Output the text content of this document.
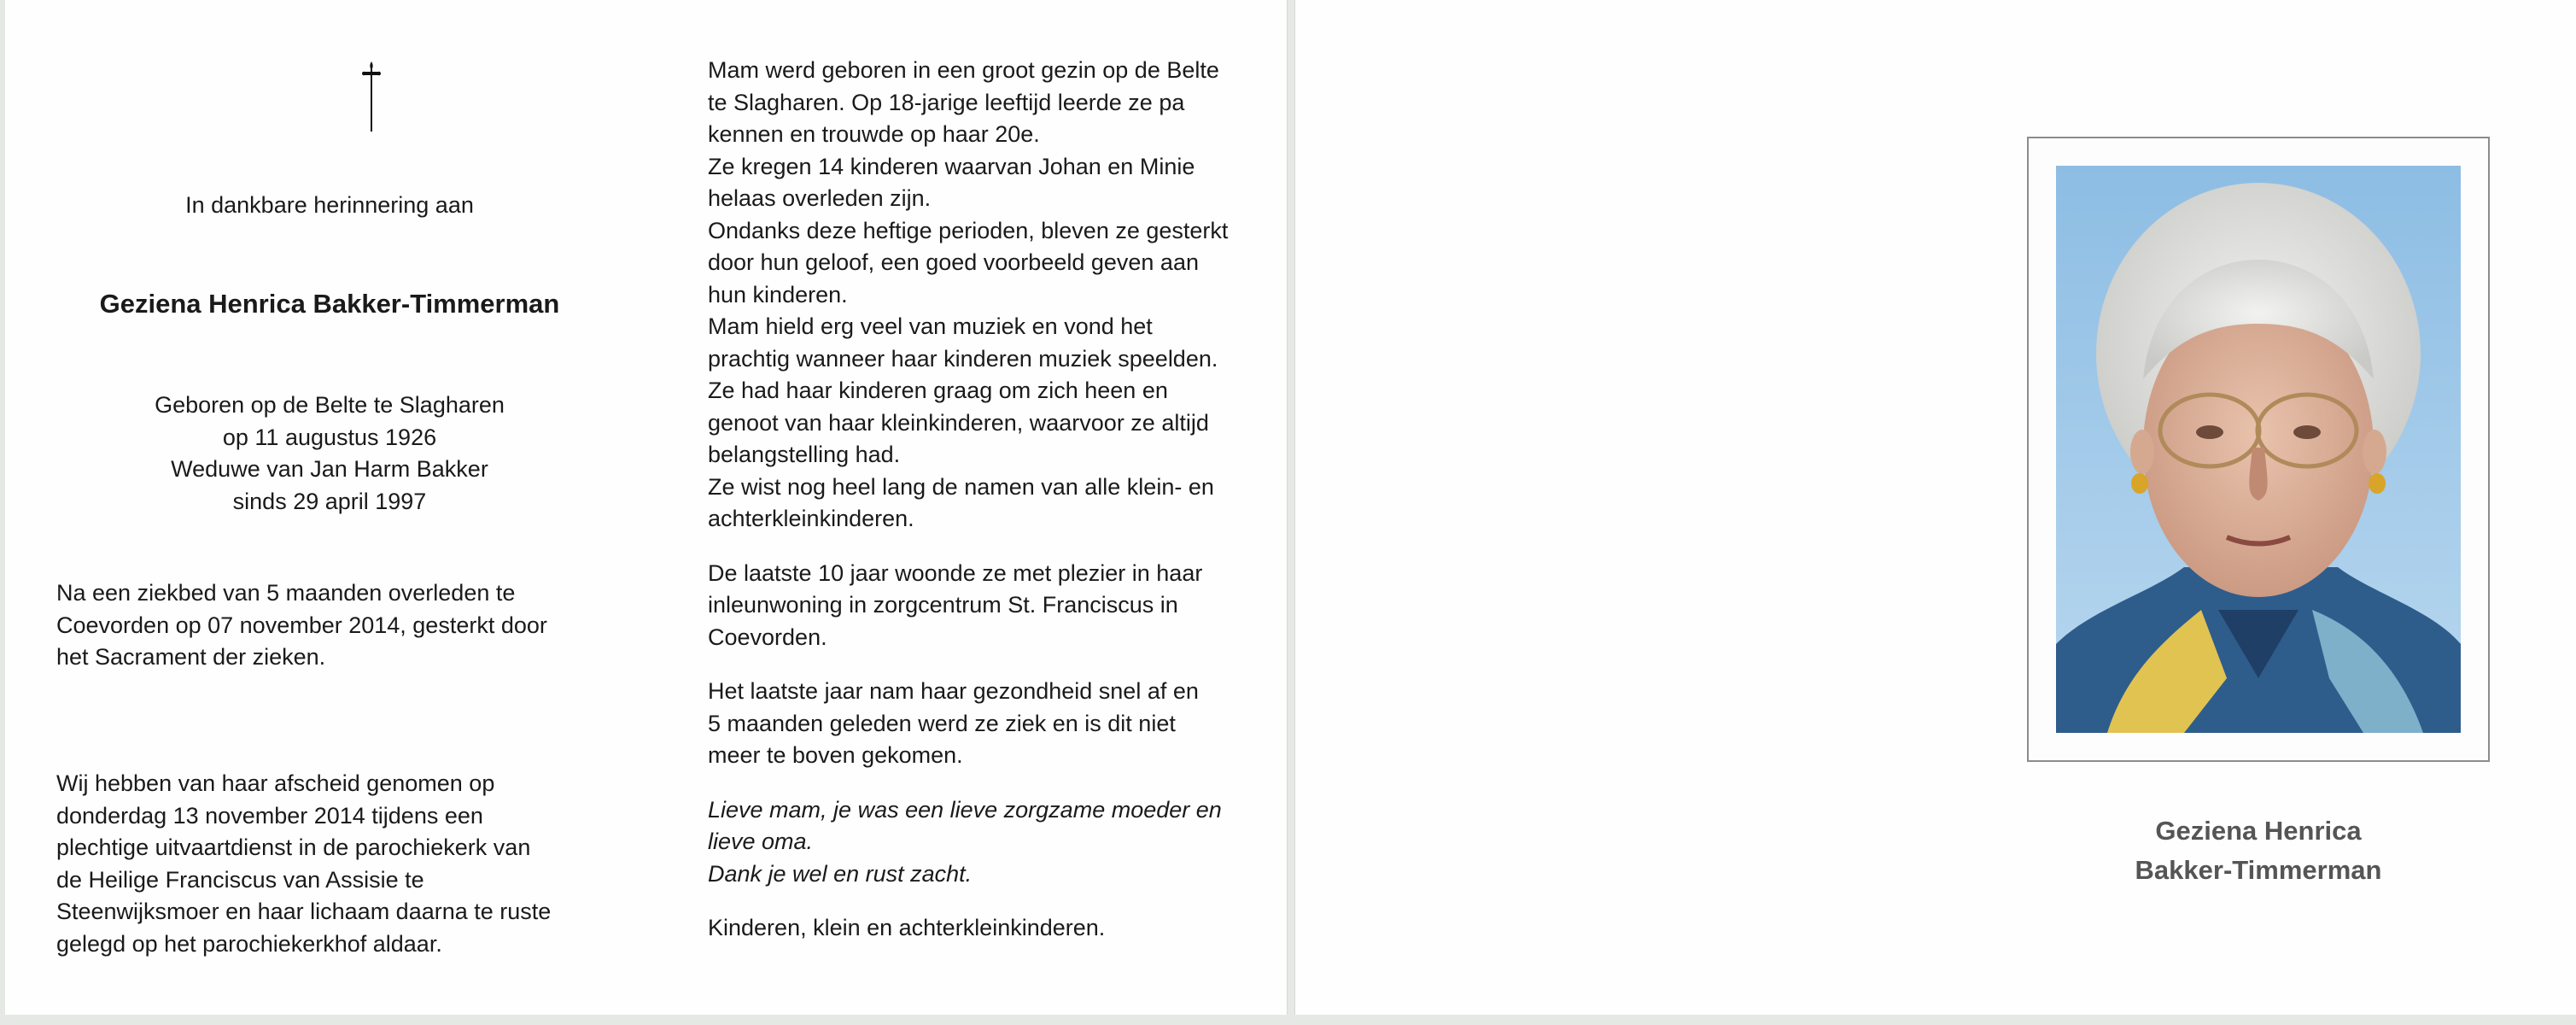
In dankbare herinnering aan
Geziena Henrica Bakker-Timmerman
Geboren op de Belte te Slagharen
op 11 augustus 1926
Weduwe van Jan Harm Bakker
sinds 29 april 1997
Na een ziekbed van 5 maanden overleden te
Coevorden op 07 november 2014, gesterkt door
het Sacrament der zieken.
Wij hebben van haar afscheid genomen op
donderdag 13 november 2014 tijdens een
plechtige uitvaartdienst in de parochiekerk van
de Heilige Franciscus van Assisie te
Steenwijksmoer en haar lichaam daarna te ruste
gelegd op het parochiekerkhof aldaar.
Mam werd geboren in een groot gezin op de Belte
te Slagharen. Op 18-jarige leeftijd leerde ze pa
kennen en trouwde op haar 20e.
Ze kregen 14 kinderen waarvan Johan en Minie
helaas overleden zijn.
Ondanks deze heftige perioden, bleven ze gesterkt
door hun geloof, een goed voorbeeld geven aan
hun kinderen.
Mam hield erg veel van muziek en vond het
prachtig wanneer haar kinderen muziek speelden.
Ze had haar kinderen graag om zich heen en
genoot van haar kleinkinderen, waarvoor ze altijd
belangstelling had.
Ze wist nog heel lang de namen van alle klein- en
achterkleinkinderen.
De laatste 10 jaar woonde ze met plezier in haar
inleunwoning in zorgcentrum St. Franciscus in
Coevorden.
Het laatste jaar nam haar gezondheid snel af en
5 maanden geleden werd ze ziek en is dit niet
meer te boven gekomen.
Lieve mam, je was een lieve zorgzame moeder en
lieve oma.
Dank je wel en rust zacht.
Kinderen, klein en achterkleinkinderen.
Geziena Henrica
Bakker-Timmerman
